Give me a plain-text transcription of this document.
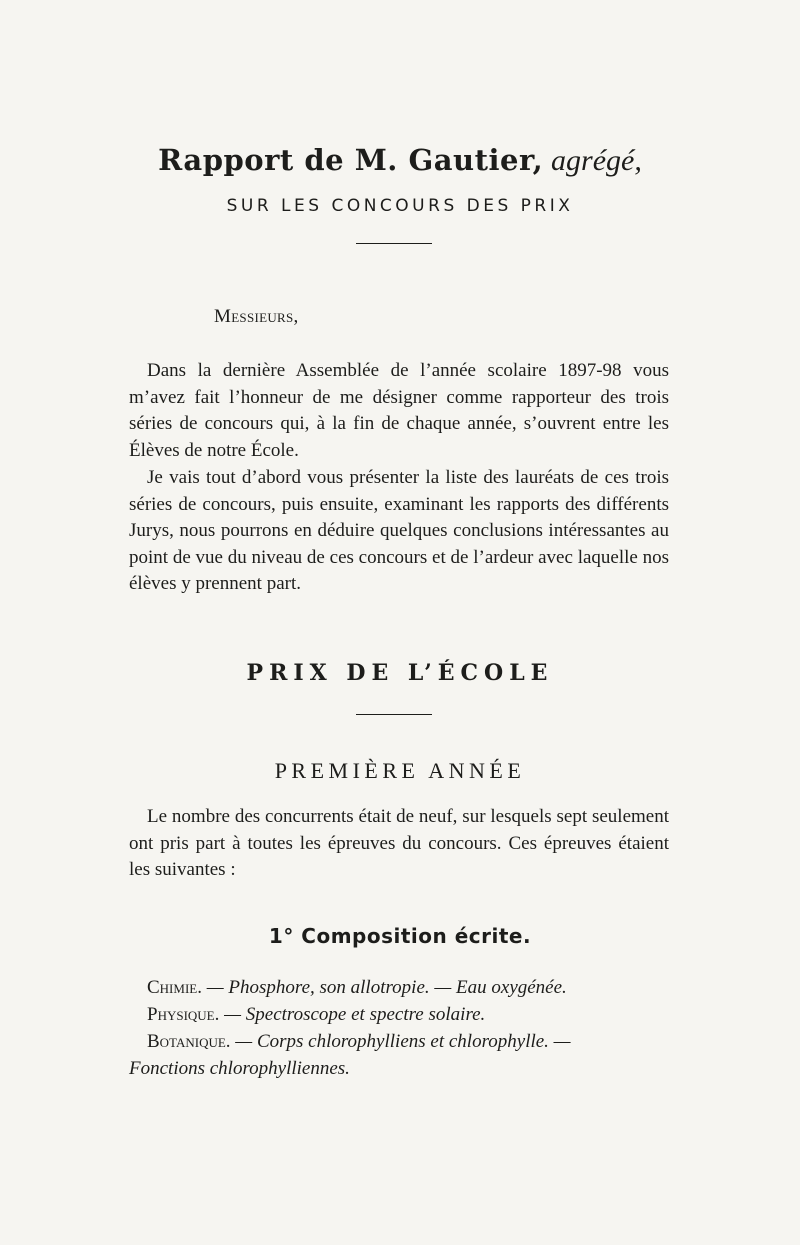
Rapport de M. Gautier, agrégé,
SUR LES CONCOURS DES PRIX
Messieurs,

Dans la dernière Assemblée de l’année scolaire 1897-98 vous m’avez fait l’honneur de me désigner comme rapporteur des trois séries de concours qui, à la fin de chaque année, s’ouvrent entre les Élèves de notre École.

Je vais tout d’abord vous présenter la liste des lauréats de ces trois séries de concours, puis ensuite, examinant les rapports des différents Jurys, nous pourrons en déduire quelques conclusions intéressantes au point de vue du niveau de ces concours et de l’ardeur avec laquelle nos élèves y prennent part.

PRIX DE L’ÉCOLE
PREMIÈRE ANNÉE

Le nombre des concurrents était de neuf, sur lesquels sept seulement ont pris part à toutes les épreuves du concours. Ces épreuves étaient les suivantes :

1° Composition écrite.
Chimie. — Phosphore, son allotropie. — Eau oxygénée.
Physique. — Spectroscope et spectre solaire.
Botanique. — Corps chlorophylliens et chlorophylle. —
Fonctions chlorophylliennes.
